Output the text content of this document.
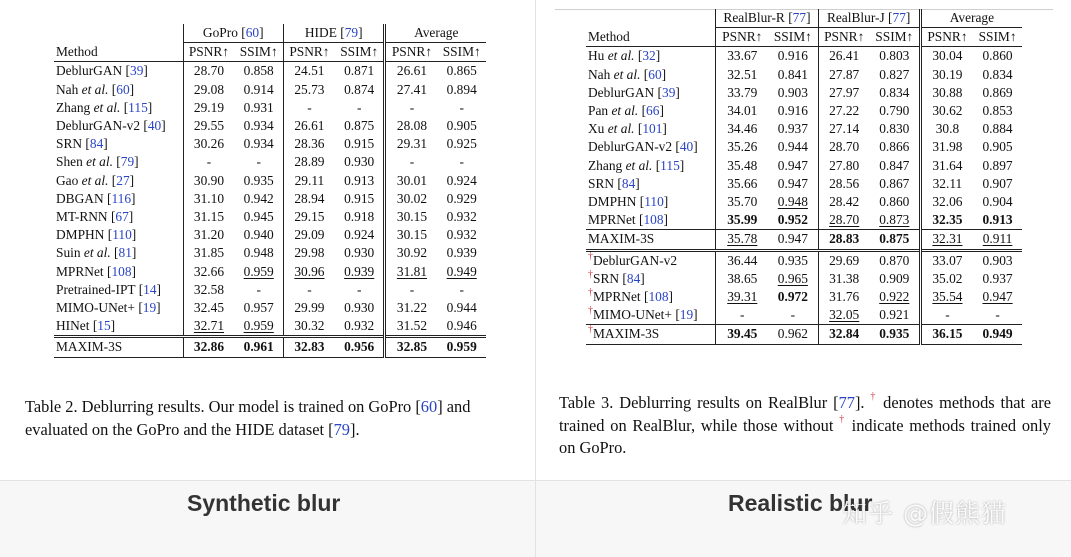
Method	GoPro [60]		HIDE [79]		Average	
	PSNR↑	SSIM↑	PSNR↑	SSIM↑	PSNR↑	SSIM↑
DeblurGAN [39]	28.70	0.858	24.51	0.871	26.61	0.865
Nah et al. [60]	29.08	0.914	25.73	0.874	27.41	0.894
Zhang et al. [115]	29.19	0.931	-	-	-	-
DeblurGAN-v2 [40]	29.55	0.934	26.61	0.875	28.08	0.905
SRN [84]	30.26	0.934	28.36	0.915	29.31	0.925
Shen et al. [79]	-	-	28.89	0.930	-	-
Gao et al. [27]	30.90	0.935	29.11	0.913	30.01	0.924
DBGAN [116]	31.10	0.942	28.94	0.915	30.02	0.929
MT-RNN [67]	31.15	0.945	29.15	0.918	30.15	0.932
DMPHN [110]	31.20	0.940	29.09	0.924	30.15	0.932
Suin et al. [81]	31.85	0.948	29.98	0.930	30.92	0.939
MPRNet [108]	32.66	0.959	30.96	0.939	31.81	0.949
Pretrained-IPT [14]	32.58	-	-	-	-	-
MIMO-UNet+ [19]	32.45	0.957	29.99	0.930	31.22	0.944
HINet [15]	32.71	0.959	30.32	0.932	31.52	0.946
MAXIM-3S	32.86	0.961	32.83	0.956	32.85	0.959
Method	RealBlur-R [77]		RealBlur-J [77]		Average	
	PSNR↑	SSIM↑	PSNR↑	SSIM↑	PSNR↑	SSIM↑
Hu et al. [32]	33.67	0.916	26.41	0.803	30.04	0.860
Nah et al. [60]	32.51	0.841	27.87	0.827	30.19	0.834
DeblurGAN [39]	33.79	0.903	27.97	0.834	30.88	0.869
Pan et al. [66]	34.01	0.916	27.22	0.790	30.62	0.853
Xu et al. [101]	34.46	0.937	27.14	0.830	30.8	0.884
DeblurGAN-v2 [40]	35.26	0.944	28.70	0.866	31.98	0.905
Zhang et al. [115]	35.48	0.947	27.80	0.847	31.64	0.897
SRN [84]	35.66	0.947	28.56	0.867	32.11	0.907
DMPHN [110]	35.70	0.948	28.42	0.860	32.06	0.904
MPRNet [108]	35.99	0.952	28.70	0.873	32.35	0.913
MAXIM-3S	35.78	0.947	28.83	0.875	32.31	0.911
†DeblurGAN-v2	36.44	0.935	29.69	0.870	33.07	0.903
†SRN [84]	38.65	0.965	31.38	0.909	35.02	0.937
†MPRNet [108]	39.31	0.972	31.76	0.922	35.54	0.947
†MIMO-UNet+ [19]	-	-	32.05	0.921	-	-
†MAXIM-3S	39.45	0.962	32.84	0.935	36.15	0.949
Table 2. Deblurring results. Our model is trained on GoPro [60] and evaluated on the GoPro and the HIDE dataset [79].
Table 3. Deblurring results on RealBlur [77]. † denotes methods that are trained on RealBlur, while those without † indicate methods trained only on GoPro.
Synthetic blur	Realistic blur
知乎 @假熊猫
